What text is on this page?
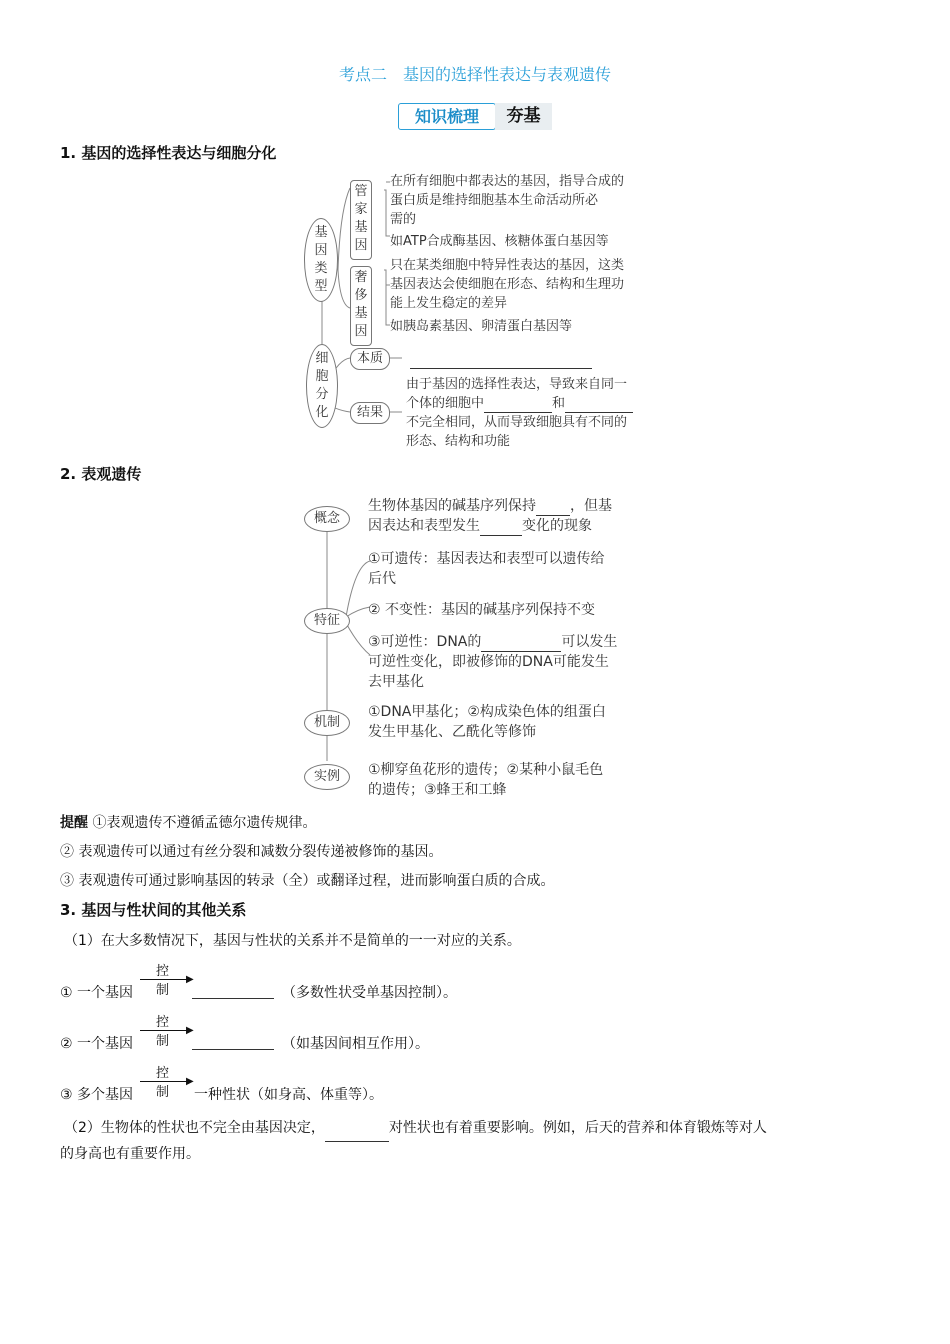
考点二　基因的选择性表达与表观遗传
知识梳理	夯基
1. 基因的选择性表达与细胞分化
基因类型
管家基因
在所有细胞中都表达的基因，指导合成的
蛋白质是维持细胞基本生命活动所必
需的
如ATP合成酶基因、核糖体蛋白基因等
奢侈基因
只在某类细胞中特异性表达的基因，这类
基因表达会使细胞在形态、结构和生理功
能上发生稳定的差异
如胰岛素基因、卵清蛋白基因等
细胞分化
本质
结果
由于基因的选择性表达，导致来自同一
个体的细胞中	和
不完全相同，从而导致细胞具有不同的
形态、结构和功能
2. 表观遗传
概念
生物体基因的碱基序列保持 ，但基
因表达和表型发生	变化的现象
特征
①可遗传：基因表达和表型可以遗传给
后代
② 不变性：基因的碱基序列保持不变
③可逆性：DNA的	可以发生
可逆性变化，即被修饰的DNA可能发生
去甲基化
机制
①DNA甲基化；②构成染色体的组蛋白
发生甲基化、乙酰化等修饰
实例	①柳穿鱼花形的遗传；②某种小鼠毛色
的遗传；③蜂王和工蜂
提醒 ①表观遗传不遵循孟德尔遗传规律。
② 表观遗传可以通过有丝分裂和减数分裂传递被修饰的基因。
③ 表观遗传可通过影响基因的转录（全）或翻译过程，进而影响蛋白质的合成。
3. 基因与性状间的其他关系
（1）在大多数情况下，基因与性状的关系并不是简单的一一对应的关系。
① 一个基因
控制
▶
（多数性状受单基因控制）。
② 一个基因
控制
▶
（如基因间相互作用）。
③ 多个基因
控制
▶
一种性状（如身高、体重等）。
（2）生物体的性状也不完全由基因决定，	对性状也有着重要影响。例如，后天的营养和体育锻炼等对人
的身高也有重要作用。
